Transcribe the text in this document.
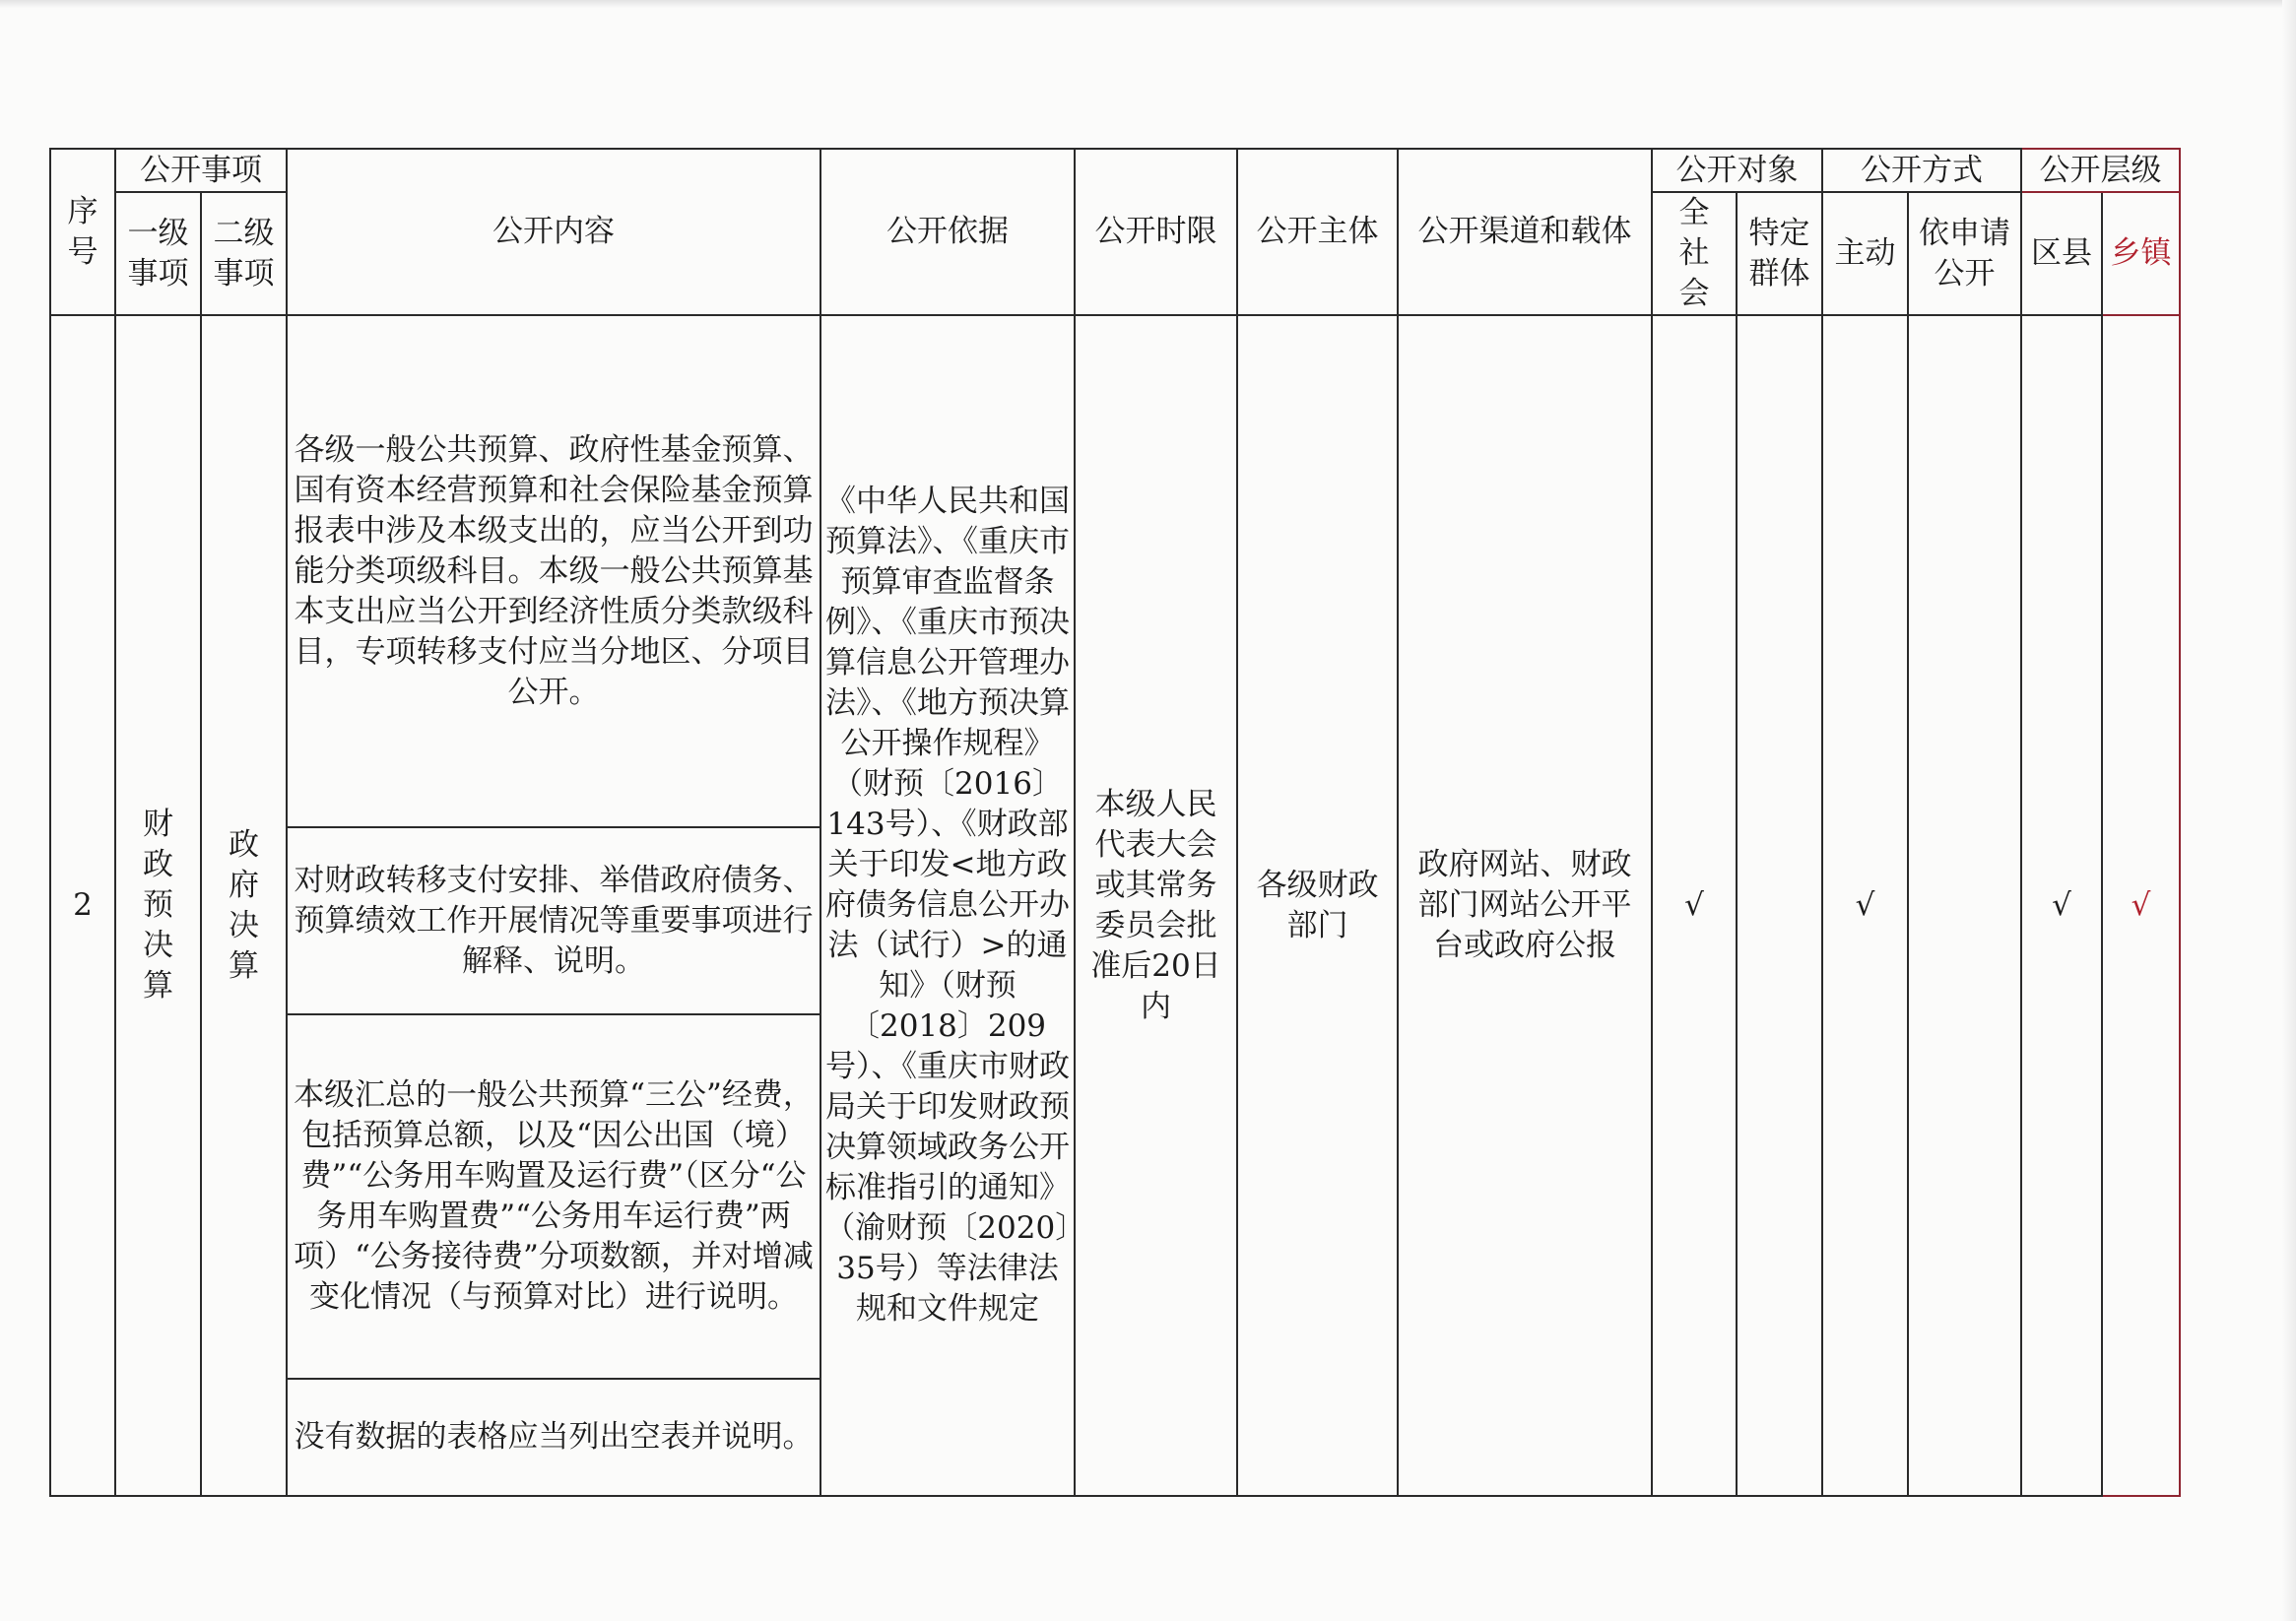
序号	公开事项		公开内容	公开依据	公开时限	公开主体	公开渠道和载体	公开对象		公开方式		公开层级	
	一级事项	二级事项						全社会	特定群体	主动	依申请公开	区县	乡镇
2	财政预决算	政府决算	各级一般公共预算、政府性基金预算、国有资本经营预算和社会保险基金预算报表中涉及本级支出的，应当公开到功能分类项级科目。本级一般公共预算基本支出应当公开到经济性质分类款级科目，专项转移支付应当分地区、分项目公开。	《中华人民共和国预算法》、《重庆市预算审查监督条例》、《重庆市预决算信息公开管理办法》、《地方预决算公开操作规程》（财预〔2016〕143号）、《财政部关于印发<地方政府债务信息公开办法（试行）>的通知》（财预〔2018〕209号）、《重庆市财政局关于印发财政预决算领域政务公开标准指引的通知》（渝财预〔2020〕35号）等法律法规和文件规定	本级人民代表大会或其常务委员会批准后20日内	各级财政部门	政府网站、财政部门网站公开平台或政府公报	√		√		√	√
			对财政转移支付安排、举借政府债务、预算绩效工作开展情况等重要事项进行解释、说明。										
			本级汇总的一般公共预算“三公”经费，包括预算总额，以及“因公出国（境）费”“公务用车购置及运行费”（区分“公务用车购置费”“公务用车运行费”两项）“公务接待费”分项数额，并对增减变化情况（与预算对比）进行说明。										
			没有数据的表格应当列出空表并说明。										
